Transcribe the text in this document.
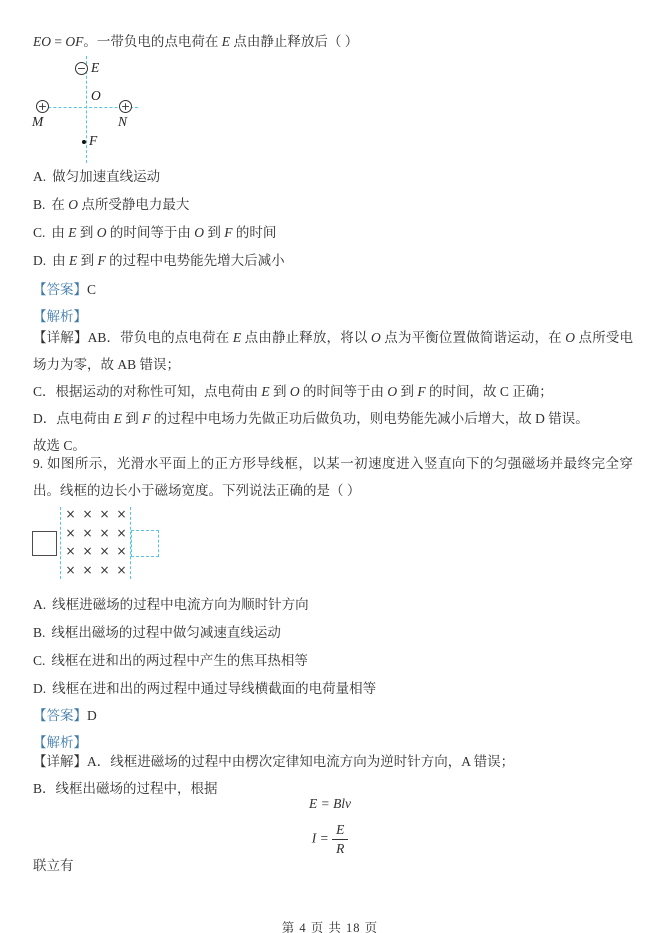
EO = OF。一带负电的点电荷在 E 点由静止释放后（ ）
− E
O
+
M
+
N
F
A. 做匀加速直线运动
B. 在 O 点所受静电力最大
C. 由 E 到 O 的时间等于由 O 到 F 的时间
D. 由 E 到 F 的过程中电势能先增大后减小
【答案】C
【解析】

【详解】AB．带负电的点电荷在 E 点由静止释放，将以 O 点为平衡位置做简谐运动，在 O 点所受电场力为零，故 AB 错误；

C．根据运动的对称性可知，点电荷由 E 到 O 的时间等于由 O 到 F 的时间，故 C 正确；

D．点电荷由 E 到 F 的过程中电场力先做正功后做负功，则电势能先减小后增大，故 D 错误。

故选 C。

9. 如图所示，光滑水平面上的正方形导线框，以某一初速度进入竖直向下的匀强磁场并最终完全穿出。线框的边长小于磁场宽度。下列说法正确的是（ ）
× × × ×
× × × ×
× × × ×
× × × ×
A. 线框进磁场的过程中电流方向为顺时针方向
B. 线框出磁场的过程中做匀减速直线运动
C. 线框在进和出的两过程中产生的焦耳热相等
D. 线框在进和出的两过程中通过导线横截面的电荷量相等
【答案】D
【解析】

【详解】A．线框进磁场的过程中由楞次定律知电流方向为逆时针方向，A 错误；

B．线框出磁场的过程中，根据

E = Blv
$I = \frac{E}{R}$
联立有
第 4 页 共 18 页
